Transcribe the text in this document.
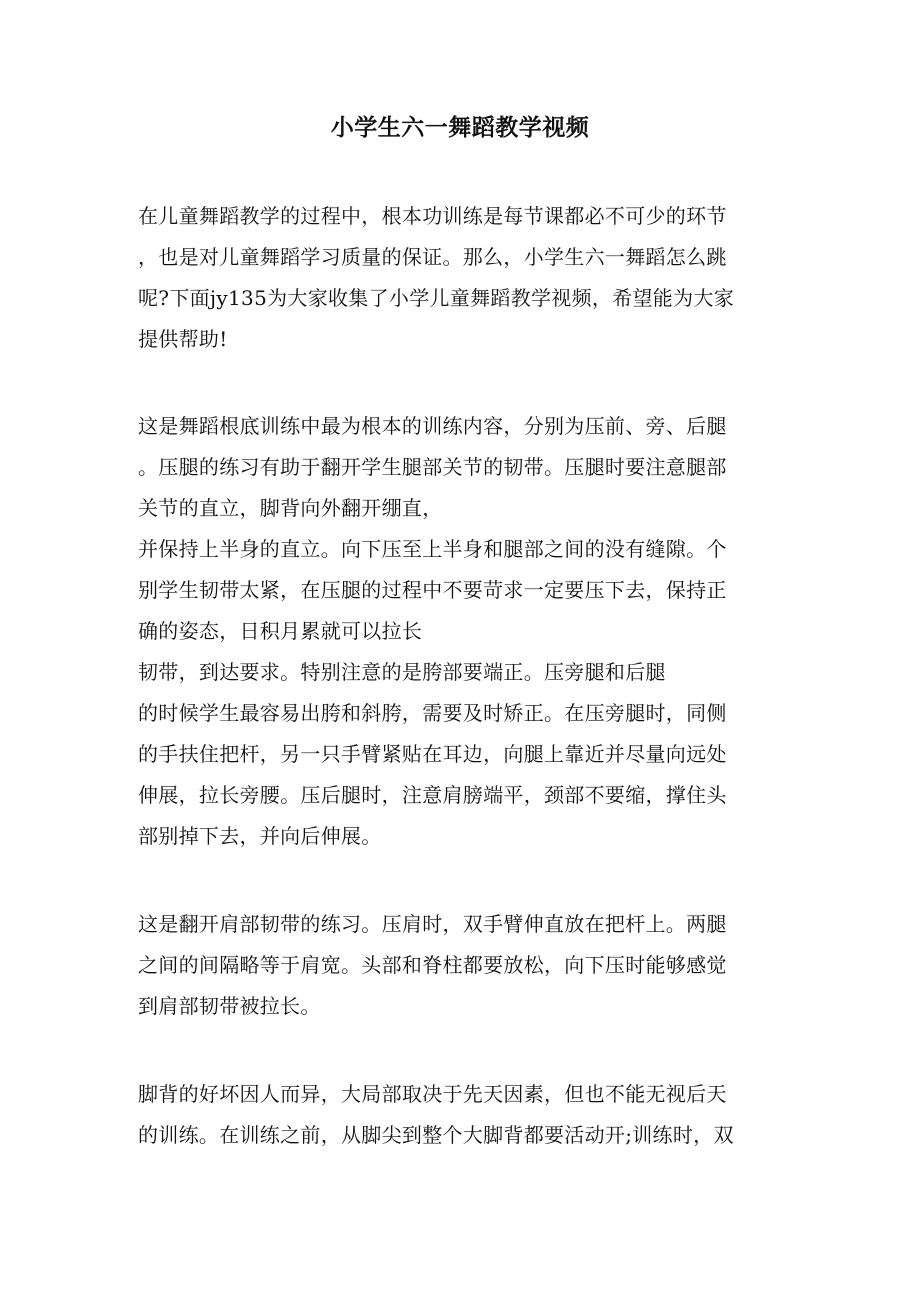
小学生六一舞蹈教学视频

在儿童舞蹈教学的过程中，根本功训练是每节课都必不可少的环节
，也是对儿童舞蹈学习质量的保证。那么，小学生六一舞蹈怎么跳
呢?下面jy135为大家收集了小学儿童舞蹈教学视频，希望能为大家
提供帮助!

这是舞蹈根底训练中最为根本的训练内容，分别为压前、旁、后腿
。压腿的练习有助于翻开学生腿部关节的韧带。压腿时要注意腿部
关节的直立，脚背向外翻开绷直，
并保持上半身的直立。向下压至上半身和腿部之间的没有缝隙。个
别学生韧带太紧，在压腿的过程中不要苛求一定要压下去，保持正
确的姿态，日积月累就可以拉长
韧带，到达要求。特别注意的是胯部要端正。压旁腿和后腿
的时候学生最容易出胯和斜胯，需要及时矫正。在压旁腿时，同侧
的手扶住把杆，另一只手臂紧贴在耳边，向腿上靠近并尽量向远处
伸展，拉长旁腰。压后腿时，注意肩膀端平，颈部不要缩，撑住头
部别掉下去，并向后伸展。

这是翻开肩部韧带的练习。压肩时，双手臂伸直放在把杆上。两腿
之间的间隔略等于肩宽。头部和脊柱都要放松，向下压时能够感觉
到肩部韧带被拉长。

脚背的好坏因人而异，大局部取决于先天因素，但也不能无视后天
的训练。在训练之前，从脚尖到整个大脚背都要活动开;训练时，双
